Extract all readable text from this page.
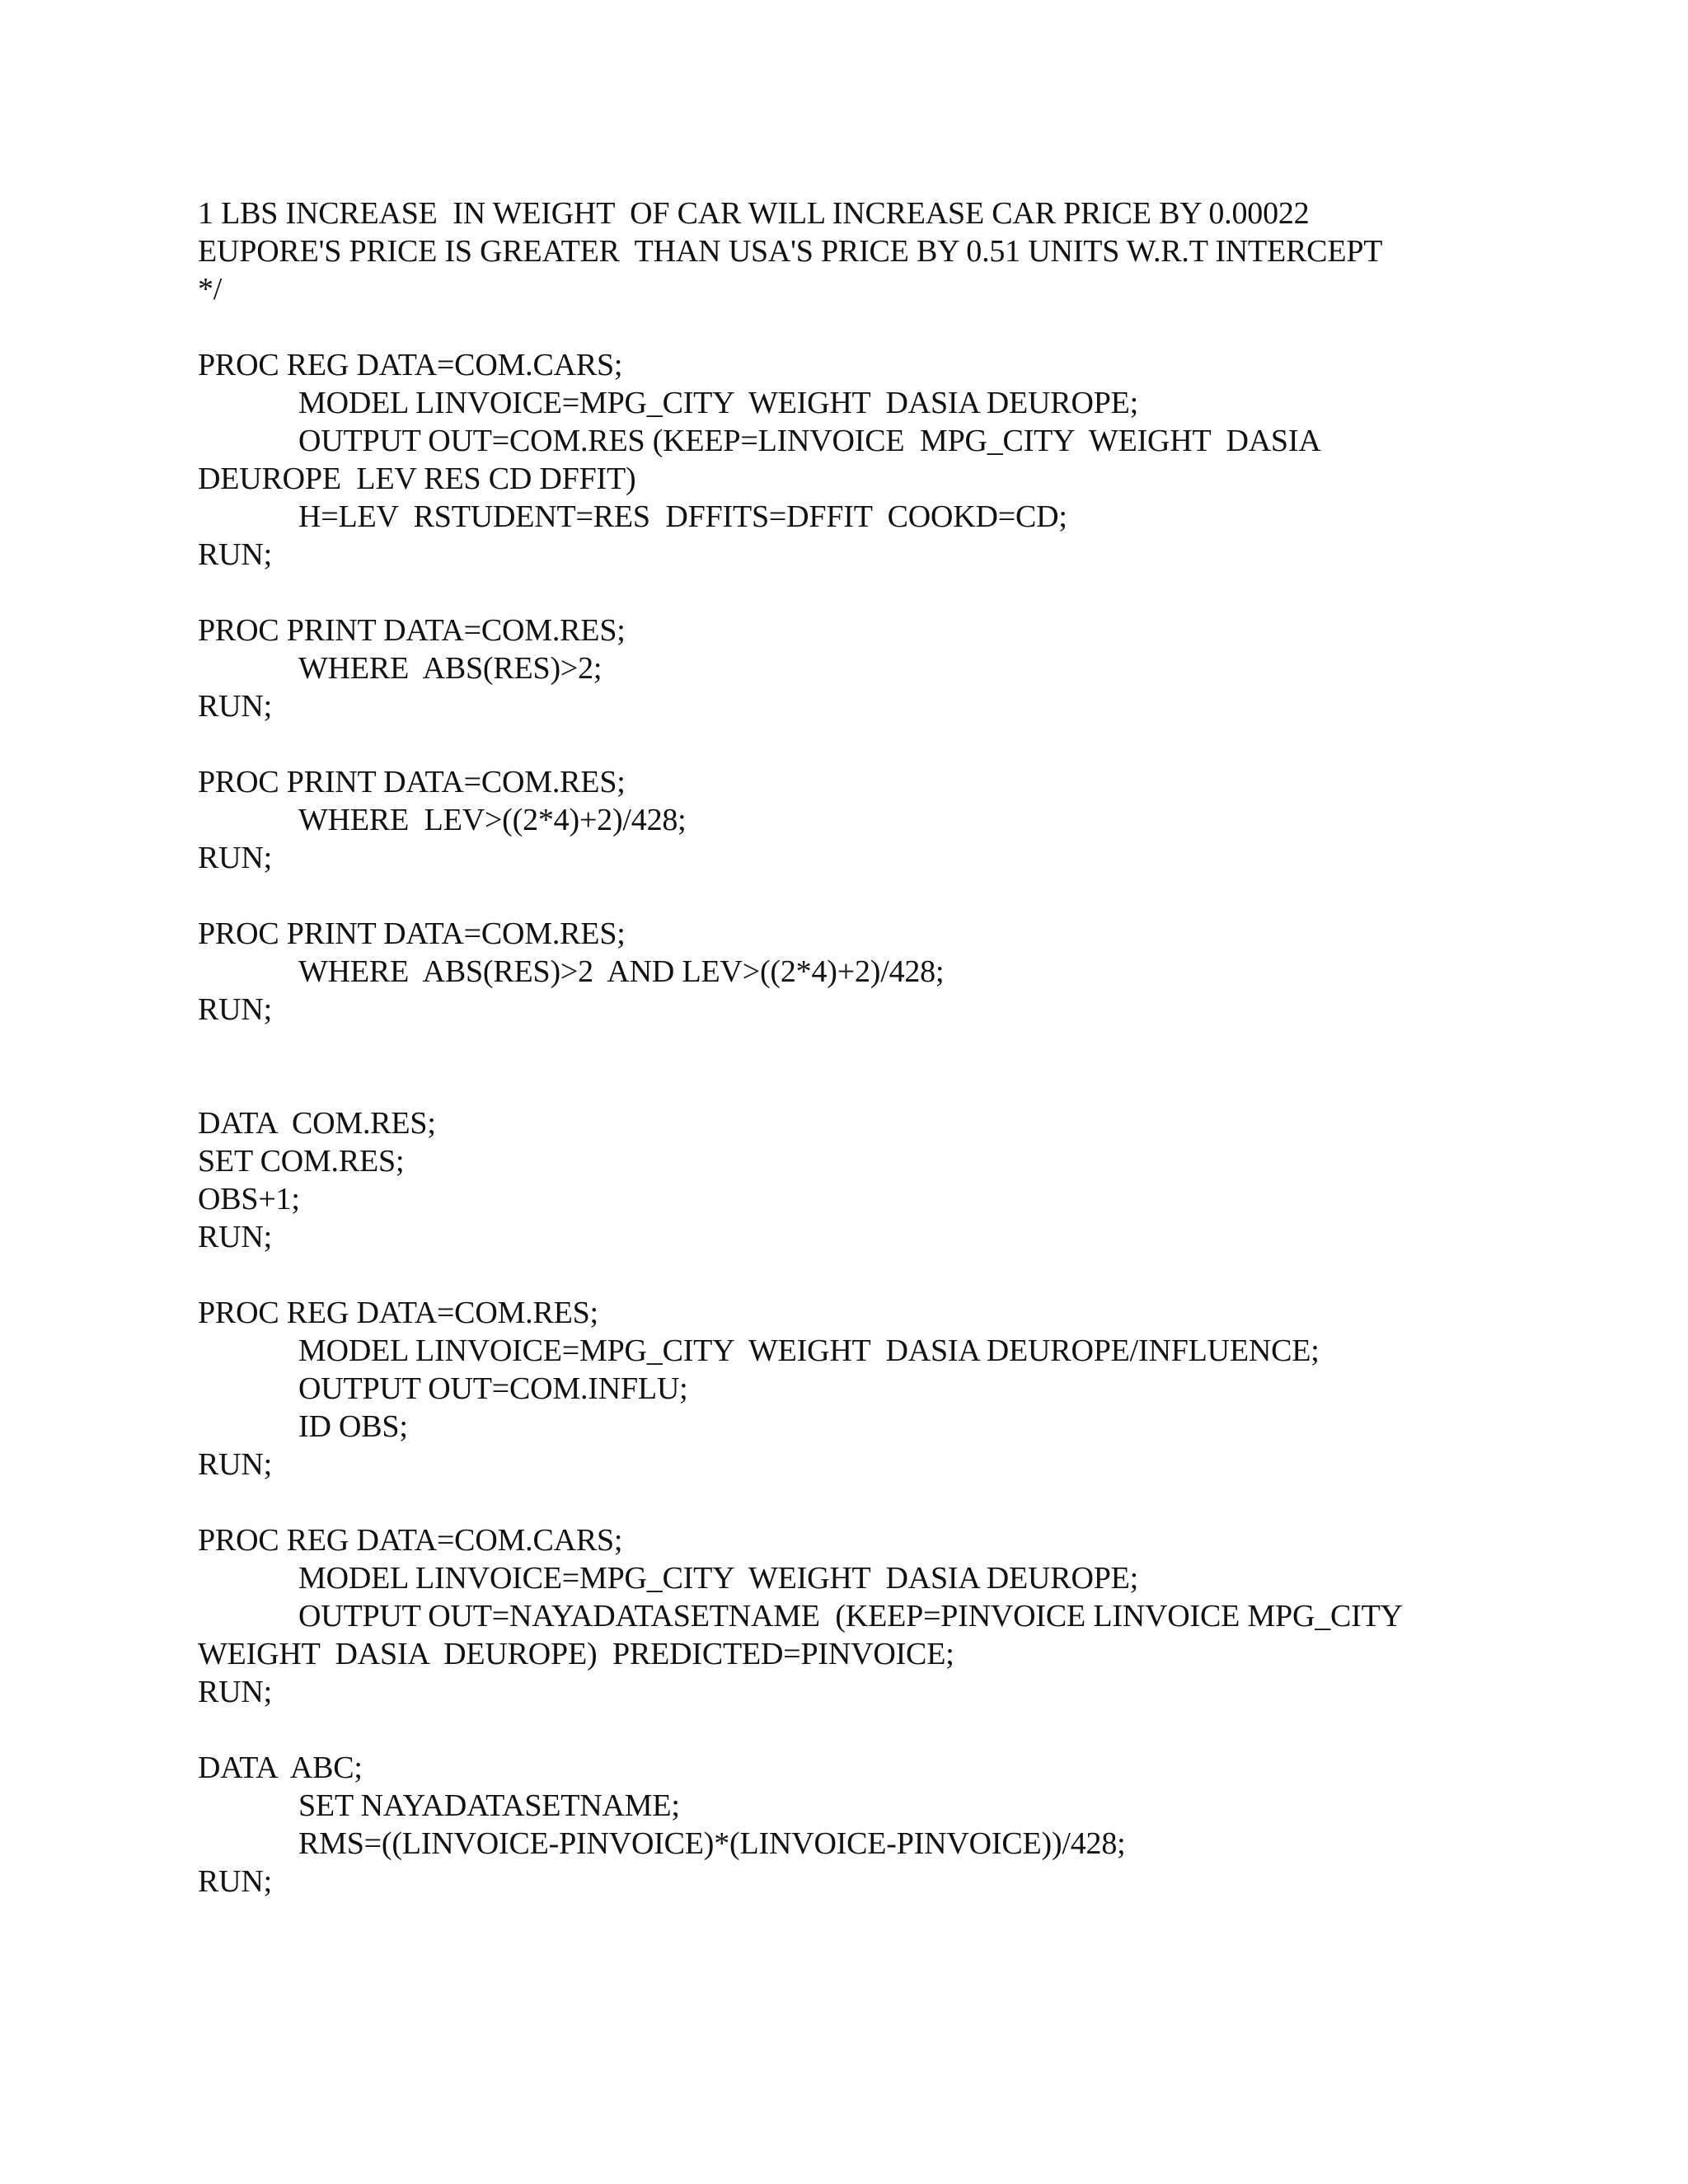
1 LBS INCREASE  IN WEIGHT  OF CAR WILL INCREASE CAR PRICE BY 0.00022
EUPORE'S PRICE IS GREATER  THAN USA'S PRICE BY 0.51 UNITS W.R.T INTERCEPT
*/
PROC REG DATA=COM.CARS;
MODEL LINVOICE=MPG_CITY  WEIGHT  DASIA DEUROPE;
OUTPUT OUT=COM.RES (KEEP=LINVOICE  MPG_CITY  WEIGHT  DASIA
DEUROPE  LEV RES CD DFFIT)
H=LEV  RSTUDENT=RES  DFFITS=DFFIT  COOKD=CD;
RUN;
PROC PRINT DATA=COM.RES;
WHERE  ABS(RES)>2;
RUN;
PROC PRINT DATA=COM.RES;
WHERE  LEV>((2*4)+2)/428;
RUN;
PROC PRINT DATA=COM.RES;
WHERE  ABS(RES)>2  AND LEV>((2*4)+2)/428;
RUN;
DATA  COM.RES;
SET COM.RES;
OBS+1;
RUN;
PROC REG DATA=COM.RES;
MODEL LINVOICE=MPG_CITY  WEIGHT  DASIA DEUROPE/INFLUENCE;
OUTPUT OUT=COM.INFLU;
ID OBS;
RUN;
PROC REG DATA=COM.CARS;
MODEL LINVOICE=MPG_CITY  WEIGHT  DASIA DEUROPE;
OUTPUT OUT=NAYADATASETNAME  (KEEP=PINVOICE LINVOICE MPG_CITY
WEIGHT  DASIA  DEUROPE)  PREDICTED=PINVOICE;
RUN;
DATA  ABC;
SET NAYADATASETNAME;
RMS=((LINVOICE-PINVOICE)*(LINVOICE-PINVOICE))/428;
RUN;
